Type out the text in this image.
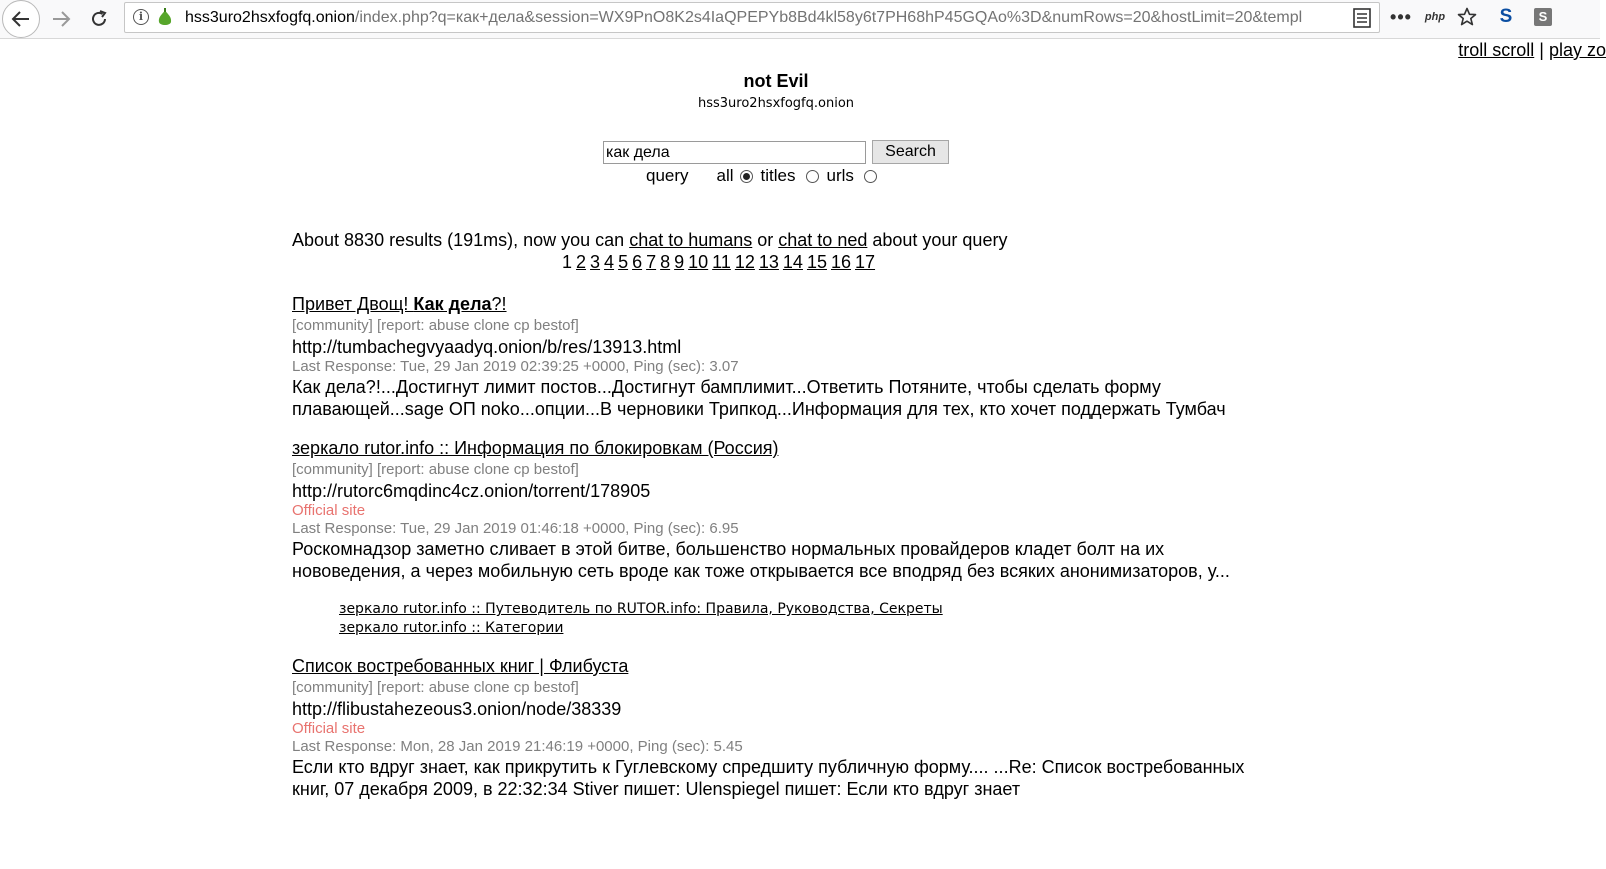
i	hss3uro2hsxfogfq.onion/index.php?q=как+дела&session=WX9PnO8K2s4IaQPEPYb8Bd4kl58y6t7PH68hP45GQAo%3D&numRows=20&hostLimit=20&templ	•••	php	S	S
troll scroll | play zo
not Evil
hss3uro2hsxfogfq.onion
как дела
Search
query all titles urls
About 8830 results (191ms), now you can chat to humans or chat to ned about your query
1 2 3 4 5 6 7 8 9 10 11 12 13 14 15 16 17
Привет Двощ! Как дела?!
[community] [report: abuse clone cp bestof]
http://tumbachegvyaadyq.onion/b/res/13913.html
Last Response: Tue, 29 Jan 2019 02:39:25 +0000, Ping (sec): 3.07
Как дела?!...Достигнут лимит постов...Достигнут бамплимит...Ответить Потяните, чтобы сделать форму плавающей...sage ОП noko...опции...В черновики Трипкод...Информация для тех, кто хочет поддержать Тумбач
зеркало rutor.info :: Информация по блокировкам (Россия)
[community] [report: abuse clone cp bestof]
http://rutorc6mqdinc4cz.onion/torrent/178905
Official site
Last Response: Tue, 29 Jan 2019 01:46:18 +0000, Ping (sec): 6.95
Роскомнадзор заметно сливает в этой битве, большенство нормальных провайдеров кладет болт на их нововедения, а через мобильную сеть вроде как тоже открывается все вподряд без всяких анонимизаторов, у...
зеркало rutor.info :: Путеводитель по RUTOR.info: Правила, Руководства, Секреты
зеркало rutor.info :: Категории
Список востребованных книг | Флибуста
[community] [report: abuse clone cp bestof]
http://flibustahezeous3.onion/node/38339
Official site
Last Response: Mon, 28 Jan 2019 21:46:19 +0000, Ping (sec): 5.45
Если кто вдруг знает, как прикрутить к Гуглевскому спредшиту публичную форму.... ...Re: Список востребованных книг, 07 декабря 2009, в 22:32:34 Stiver пишет: Ulenspiegel пишет: Если кто вдруг знает
